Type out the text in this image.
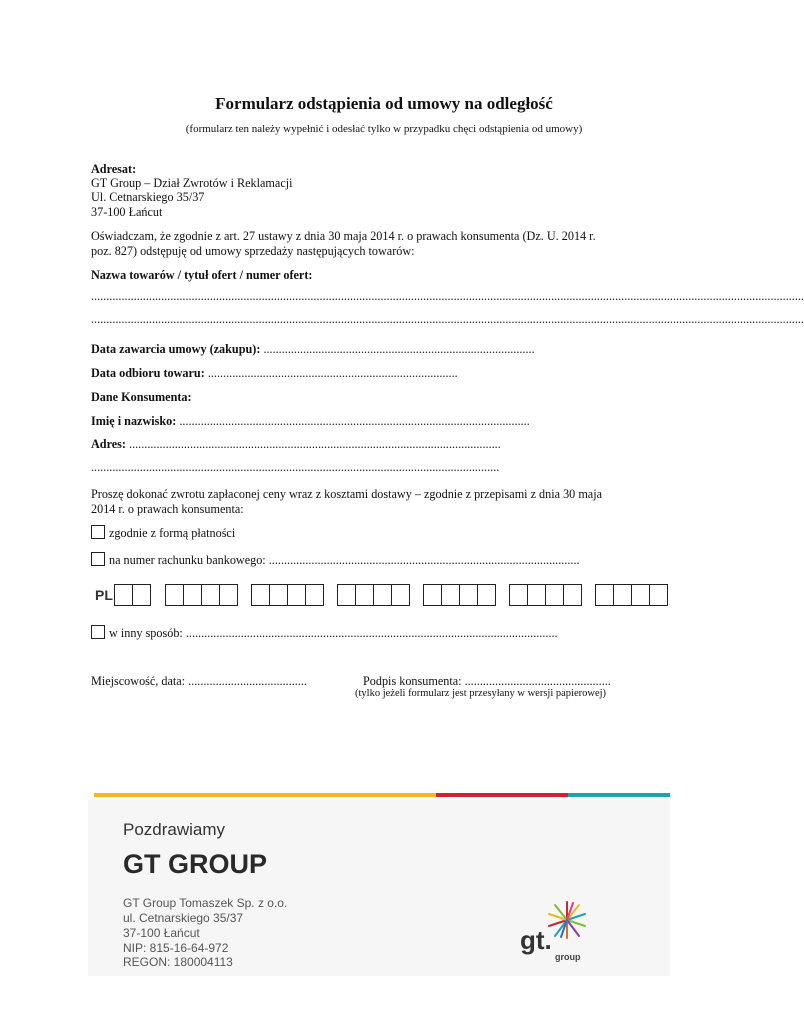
Formularz odstąpienia od umowy na odległość
(formularz ten należy wypełnić i odesłać tylko w przypadku chęci odstąpienia od umowy)
Adresat:
GT Group – Dział Zwrotów i Reklamacji
Ul. Cetnarskiego 35/37
37-100 Łańcut
Oświadczam, że zgodnie z art. 27 ustawy z dnia 30 maja 2014 r. o prawach konsumenta (Dz. U. 2014 r.
poz. 827) odstępuję od umowy sprzedaży następujących towarów:
Nazwa towarów / tytuł ofert / numer ofert:
..........................................................................................................................................................................................................................................
..........................................................................................................................................................................................................................................
Data zawarcia umowy (zakupu): .........................................................................................
Data odbioru towaru: ..................................................................................
Dane Konsumenta:
Imię i nazwisko: ...................................................................................................................
Adres: ..........................................................................................................................
......................................................................................................................................
Proszę dokonać zwrotu zapłaconej ceny wraz z kosztami dostawy – zgodnie z przepisami z dnia 30 maja
2014 r. o prawach konsumenta:
zgodnie z formą płatności
na numer rachunku bankowego: ......................................................................................................
PL
w inny sposób: ..........................................................................................................................
Miejscowość, data: .......................................	Podpis konsumenta: ................................................
(tylko jeżeli formularz jest przesyłany w wersji papierowej)
Pozdrawiamy
GT GROUP
GT Group Tomaszek Sp. z o.o.
ul. Cetnarskiego 35/37
37-100 Łańcut
NIP: 815-16-64-972
REGON: 180004113
gt.
group
